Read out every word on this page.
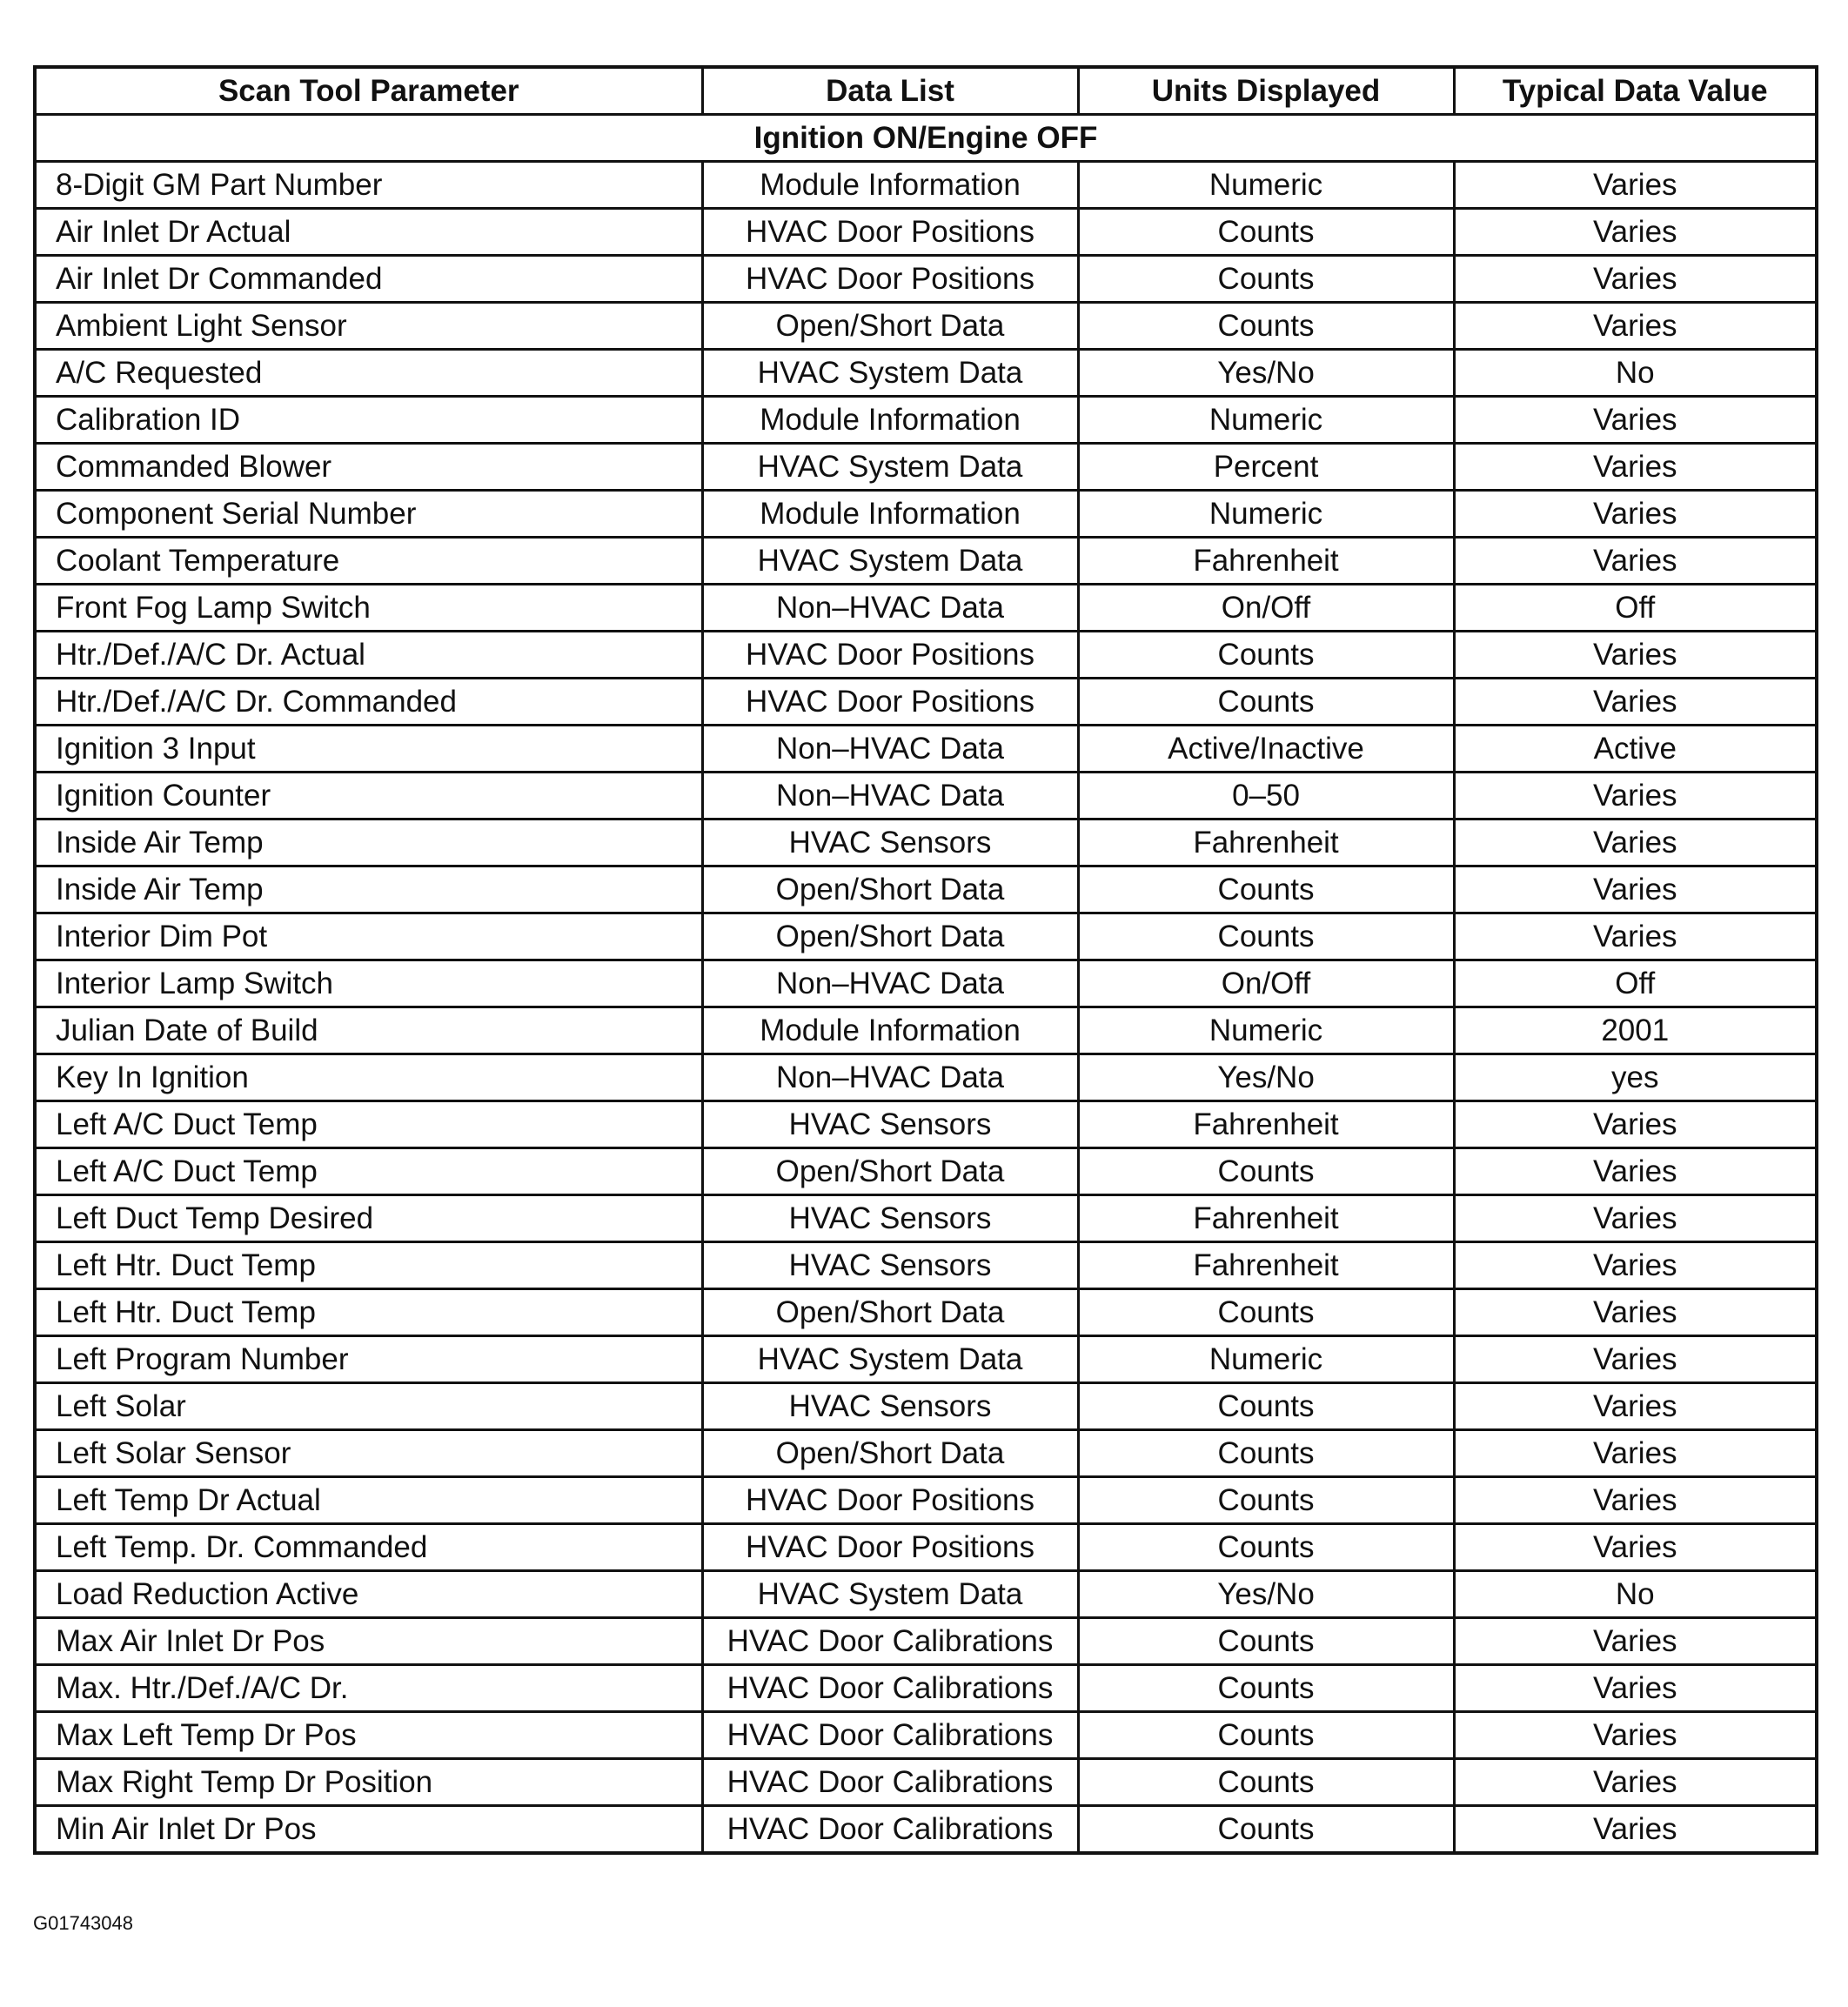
Scan Tool Parameter	Data List	Units Displayed	Typical Data Value
Ignition ON/Engine OFF			
8-Digit GM Part Number	Module Information	Numeric	Varies
Air Inlet Dr Actual	HVAC Door Positions	Counts	Varies
Air Inlet Dr Commanded	HVAC Door Positions	Counts	Varies
Ambient Light Sensor	Open/Short Data	Counts	Varies
A/C Requested	HVAC System Data	Yes/No	No
Calibration ID	Module Information	Numeric	Varies
Commanded Blower	HVAC System Data	Percent	Varies
Component Serial Number	Module Information	Numeric	Varies
Coolant Temperature	HVAC System Data	Fahrenheit	Varies
Front Fog Lamp Switch	Non–HVAC Data	On/Off	Off
Htr./Def./A/C Dr. Actual	HVAC Door Positions	Counts	Varies
Htr./Def./A/C Dr. Commanded	HVAC Door Positions	Counts	Varies
Ignition 3 Input	Non–HVAC Data	Active/Inactive	Active
Ignition Counter	Non–HVAC Data	0–50	Varies
Inside Air Temp	HVAC Sensors	Fahrenheit	Varies
Inside Air Temp	Open/Short Data	Counts	Varies
Interior Dim Pot	Open/Short Data	Counts	Varies
Interior Lamp Switch	Non–HVAC Data	On/Off	Off
Julian Date of Build	Module Information	Numeric	2001
Key In Ignition	Non–HVAC Data	Yes/No	yes
Left A/C Duct Temp	HVAC Sensors	Fahrenheit	Varies
Left A/C Duct Temp	Open/Short Data	Counts	Varies
Left Duct Temp Desired	HVAC Sensors	Fahrenheit	Varies
Left Htr. Duct Temp	HVAC Sensors	Fahrenheit	Varies
Left Htr. Duct Temp	Open/Short Data	Counts	Varies
Left Program Number	HVAC System Data	Numeric	Varies
Left Solar	HVAC Sensors	Counts	Varies
Left Solar Sensor	Open/Short Data	Counts	Varies
Left Temp Dr Actual	HVAC Door Positions	Counts	Varies
Left Temp. Dr. Commanded	HVAC Door Positions	Counts	Varies
Load Reduction Active	HVAC System Data	Yes/No	No
Max Air Inlet Dr Pos	HVAC Door Calibrations	Counts	Varies
Max. Htr./Def./A/C Dr.	HVAC Door Calibrations	Counts	Varies
Max Left Temp Dr Pos	HVAC Door Calibrations	Counts	Varies
Max Right Temp Dr Position	HVAC Door Calibrations	Counts	Varies
Min Air Inlet Dr Pos	HVAC Door Calibrations	Counts	Varies
G01743048
